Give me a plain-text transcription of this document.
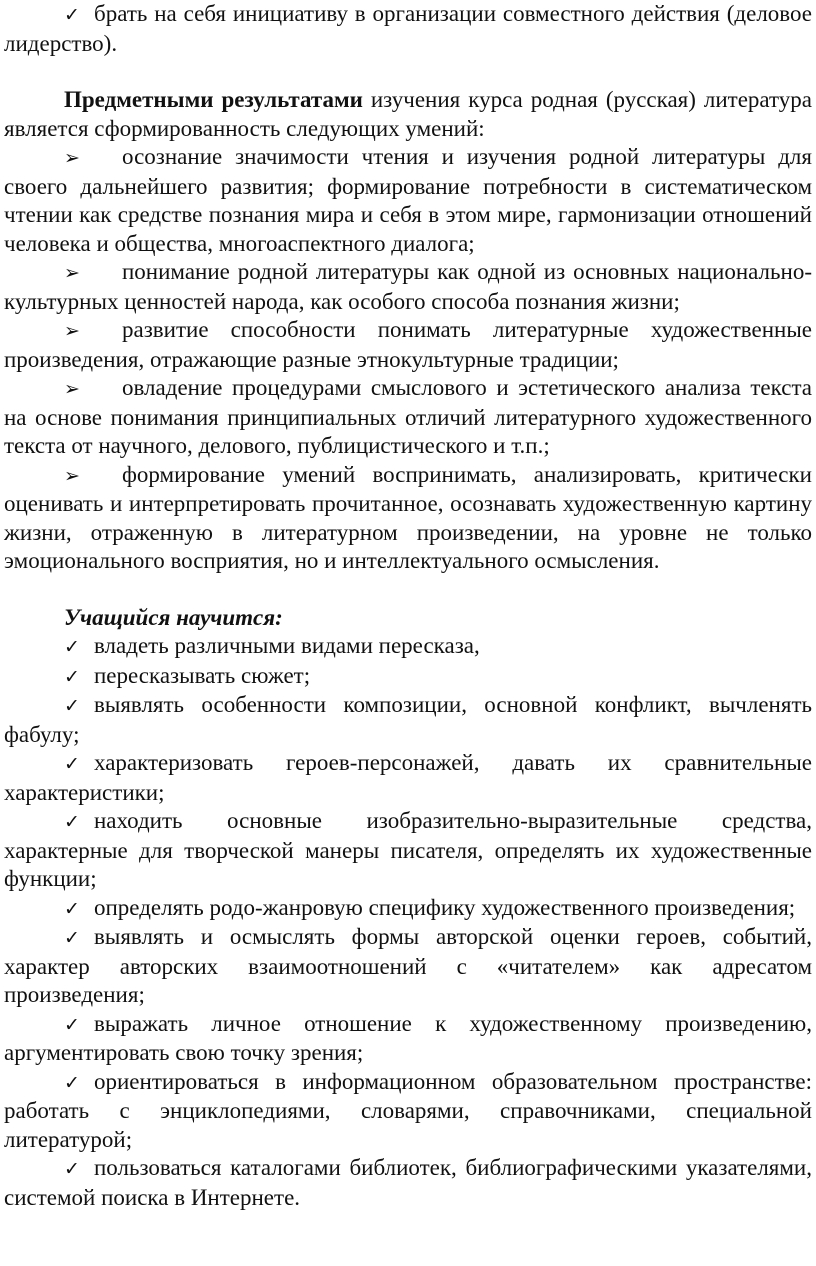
✓ брать на себя инициативу в организации совместного действия (деловое лидерство).

Предметными результатами изучения курса родная (русская) литература является сформированность следующих умений:

➢ осознание значимости чтения и изучения родной литературы для своего дальнейшего развития; формирование потребности в систематическом чтении как средстве познания мира и себя в этом мире, гармонизации отношений человека и общества, многоаспектного диалога;

➢ понимание родной литературы как одной из основных национально-культурных ценностей народа, как особого способа познания жизни;

➢ развитие способности понимать литературные художественные произведения, отражающие разные этнокультурные традиции;

➢ овладение процедурами смыслового и эстетического анализа текста на основе понимания принципиальных отличий литературного художественного текста от научного, делового, публицистического и т.п.;

➢ формирование умений воспринимать, анализировать, критически оценивать и интерпретировать прочитанное, осознавать художественную картину жизни, отраженную в литературном произведении, на уровне не только эмоционального восприятия, но и интеллектуального осмысления.

Учащийся научится:

✓ владеть различными видами пересказа,

✓ пересказывать сюжет;

✓ выявлять особенности композиции, основной конфликт, вычленять фабулу;

✓ характеризовать героев-персонажей, давать их сравнительные характеристики;

✓ находить основные изобразительно-выразительные средства, характерные для творческой манеры писателя, определять их художественные функции;

✓ определять родо-жанровую специфику художественного произведения;

✓ выявлять и осмыслять формы авторской оценки героев, событий, характер авторских взаимоотношений с «читателем» как адресатом произведения;

✓ выражать личное отношение к художественному произведению, аргументировать свою точку зрения;

✓ ориентироваться в информационном образовательном пространстве: работать с энциклопедиями, словарями, справочниками, специальной литературой;

✓ пользоваться каталогами библиотек, библиографическими указателями, системой поиска в Интернете.
